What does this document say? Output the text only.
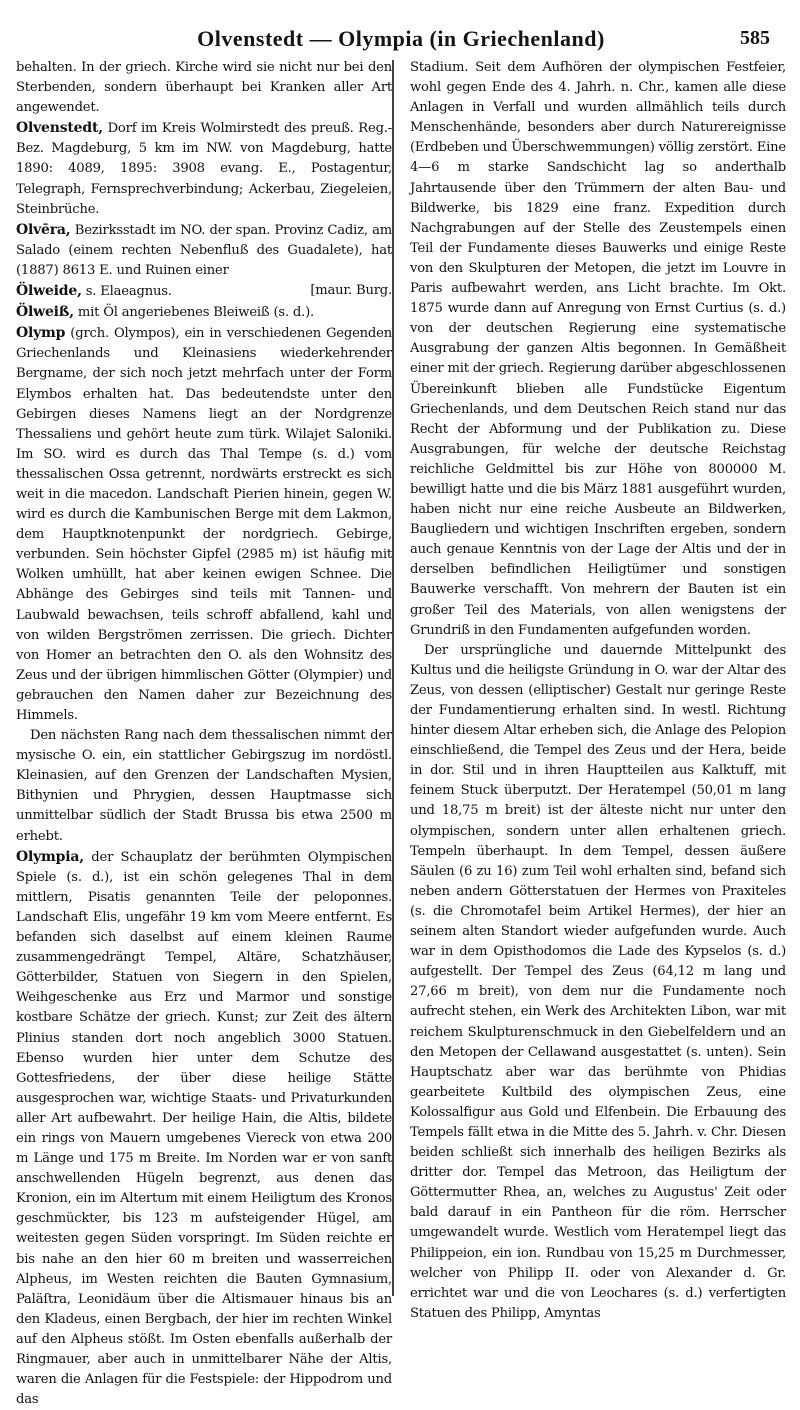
Olvenstedt — Olympia (in Griechenland)	585

behalten. In der griech. Kirche wird sie nicht nur bei den Sterbenden, sondern überhaupt bei Kranken aller Art angewendet.

Olvenstedt, Dorf im Kreis Wolmirstedt des preuß. Reg.-Bez. Magdeburg, 5 km im NW. von Magdeburg, hatte 1890: 4089, 1895: 3908 evang. E., Postagentur, Telegraph, Fernsprechverbindung; Ackerbau, Ziegeleien, Steinbrüche.

Olvēra, Bezirksstadt im NO. der span. Provinz Cadiz, am Salado (einem rechten Nebenfluß des Guadalete), hat (1887) 8613 E. und Ruinen einer

Ölweide, s. Elaeagnus.	[maur. Burg.

Ölweiß, mit Öl angeriebenes Bleiweiß (s. d.).

Olymp (grch. Olympos), ein in verschiedenen Gegenden Griechenlands und Kleinasiens wiederkehrender Bergname, der sich noch jetzt mehrfach unter der Form Elymbos erhalten hat. Das bedeutendste unter den Gebirgen dieses Namens liegt an der Nordgrenze Thessaliens und gehört heute zum türk. Wilajet Saloniki. Im SO. wird es durch das Thal Tempe (s. d.) vom thessalischen Ossa getrennt, nordwärts erstreckt es sich weit in die macedon. Landschaft Pierien hinein, gegen W. wird es durch die Kambunischen Berge mit dem Lakmon, dem Hauptknotenpunkt der nordgriech. Gebirge, verbunden. Sein höchster Gipfel (2985 m) ist häufig mit Wolken umhüllt, hat aber keinen ewigen Schnee. Die Abhänge des Gebirges sind teils mit Tannen- und Laubwald bewachsen, teils schroff abfallend, kahl und von wilden Bergströmen zerrissen. Die griech. Dichter von Homer an betrachten den O. als den Wohnsitz des Zeus und der übrigen himmlischen Götter (Olympier) und gebrauchen den Namen daher zur Bezeichnung des Himmels.

Den nächsten Rang nach dem thessalischen nimmt der mysische O. ein, ein stattlicher Gebirgszug im nordöstl. Kleinasien, auf den Grenzen der Landschaften Mysien, Bithynien und Phrygien, dessen Hauptmasse sich unmittelbar südlich der Stadt Brussa bis etwa 2500 m erhebt.

Olympia, der Schauplatz der berühmten Olympischen Spiele (s. d.), ist ein schön gelegenes Thal in dem mittlern, Pisatis genannten Teile der peloponnes. Landschaft Elis, ungefähr 19 km vom Meere entfernt. Es befanden sich daselbst auf einem kleinen Raume zusammengedrängt Tempel, Altäre, Schatzhäuser, Götterbilder, Statuen von Siegern in den Spielen, Weihgeschenke aus Erz und Marmor und sonstige kostbare Schätze der griech. Kunst; zur Zeit des ältern Plinius standen dort noch angeblich 3000 Statuen. Ebenso wurden hier unter dem Schutze des Gottesfriedens, der über diese heilige Stätte ausgesprochen war, wichtige Staats- und Privaturkunden aller Art aufbewahrt. Der heilige Hain, die Altis, bildete ein rings von Mauern umgebenes Viereck von etwa 200 m Länge und 175 m Breite. Im Norden war er von sanft anschwellenden Hügeln begrenzt, aus denen das Kronion, ein im Altertum mit einem Heiligtum des Kronos geschmückter, bis 123 m aufsteigender Hügel, am weitesten gegen Süden vorspringt. Im Süden reichte er bis nahe an den hier 60 m breiten und wasserreichen Alpheus, im Westen reichten die Bauten Gymnasium, Paläſtra, Leonidäum über die Altismauer hinaus bis an den Kladeus, einen Bergbach, der hier im rechten Winkel auf den Alpheus stößt. Im Osten ebenfalls außerhalb der Ringmauer, aber auch in unmittelbarer Nähe der Altis, waren die Anlagen für die Festspiele: der Hippodrom und das

Stadium. Seit dem Aufhören der olympischen Festfeier, wohl gegen Ende des 4. Jahrh. n. Chr., kamen alle diese Anlagen in Verfall und wurden allmählich teils durch Menschenhände, besonders aber durch Naturereignisse (Erdbeben und Überschwemmungen) völlig zerstört. Eine 4—6 m starke Sandschicht lag so anderthalb Jahrtausende über den Trümmern der alten Bau- und Bildwerke, bis 1829 eine franz. Expedition durch Nachgrabungen auf der Stelle des Zeustempels einen Teil der Fundamente dieses Bauwerks und einige Reste von den Skulpturen der Metopen, die jetzt im Louvre in Paris aufbewahrt werden, ans Licht brachte. Im Okt. 1875 wurde dann auf Anregung von Ernst Curtius (s. d.) von der deutschen Regierung eine systematische Ausgrabung der ganzen Altis begonnen. In Gemäßheit einer mit der griech. Regierung darüber abgeschlossenen Übereinkunft blieben alle Fundstücke Eigentum Griechenlands, und dem Deutschen Reich stand nur das Recht der Abformung und der Publikation zu. Diese Ausgrabungen, für welche der deutsche Reichstag reichliche Geldmittel bis zur Höhe von 800000 M. bewilligt hatte und die bis März 1881 ausgeführt wurden, haben nicht nur eine reiche Ausbeute an Bildwerken, Baugliedern und wichtigen Inschriften ergeben, sondern auch genaue Kenntnis von der Lage der Altis und der in derselben befindlichen Heiligtümer und sonstigen Bauwerke verschafft. Von mehrern der Bauten ist ein großer Teil des Materials, von allen wenigstens der Grundriß in den Fundamenten aufgefunden worden.

Der ursprüngliche und dauernde Mittelpunkt des Kultus und die heiligste Gründung in O. war der Altar des Zeus, von dessen (elliptischer) Gestalt nur geringe Reste der Fundamentierung erhalten sind. In westl. Richtung hinter diesem Altar erheben sich, die Anlage des Pelopion einschließend, die Tempel des Zeus und der Hera, beide in dor. Stil und in ihren Hauptteilen aus Kalktuff, mit feinem Stuck überputzt. Der Heratempel (50,01 m lang und 18,75 m breit) ist der älteste nicht nur unter den olympischen, sondern unter allen erhaltenen griech. Tempeln überhaupt. In dem Tempel, dessen äußere Säulen (6 zu 16) zum Teil wohl erhalten sind, befand sich neben andern Götterstatuen der Hermes von Praxiteles (s. die Chromotafel beim Artikel Hermes), der hier an seinem alten Standort wieder aufgefunden wurde. Auch war in dem Opisthodomos die Lade des Kypselos (s. d.) aufgestellt. Der Tempel des Zeus (64,12 m lang und 27,66 m breit), von dem nur die Fundamente noch aufrecht stehen, ein Werk des Architekten Libon, war mit reichem Skulpturenschmuck in den Giebelfeldern und an den Metopen der Cellawand ausgestattet (s. unten). Sein Hauptschatz aber war das berühmte von Phidias gearbeitete Kultbild des olympischen Zeus, eine Kolossalfigur aus Gold und Elfenbein. Die Erbauung des Tempels fällt etwa in die Mitte des 5. Jahrh. v. Chr. Diesen beiden schließt sich innerhalb des heiligen Bezirks als dritter dor. Tempel das Metroon, das Heiligtum der Göttermutter Rhea, an, welches zu Augustus' Zeit oder bald darauf in ein Pantheon für die röm. Herrscher umgewandelt wurde. Westlich vom Heratempel liegt das Philippeion, ein ion. Rundbau von 15,25 m Durchmesser, welcher von Philipp II. oder von Alexander d. Gr. errichtet war und die von Leochares (s. d.) verfertigten Statuen des Philipp, Amyntas
